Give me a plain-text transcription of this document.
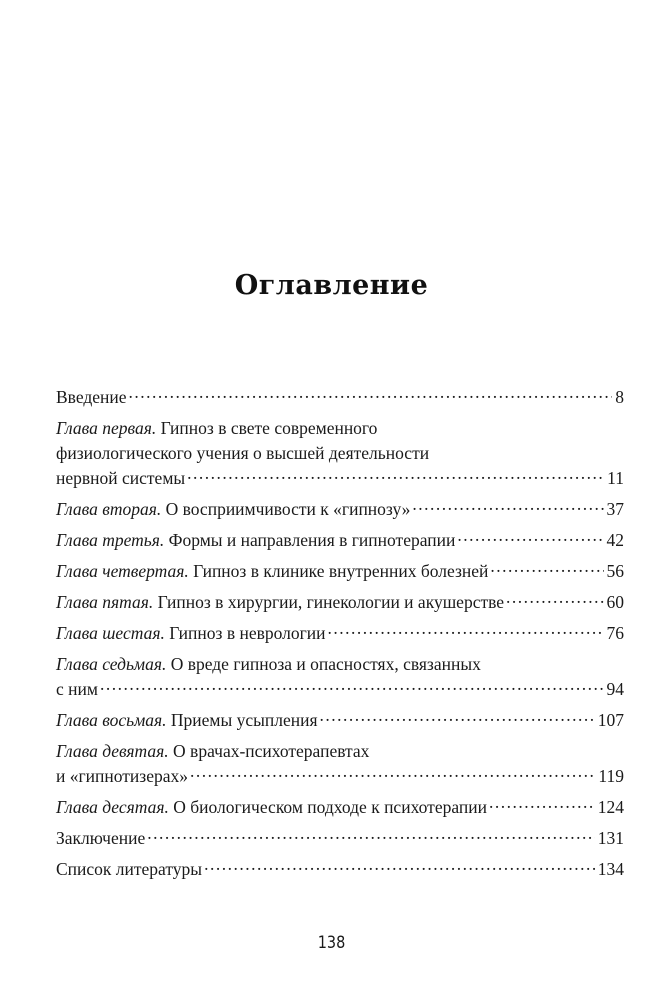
Оглавление
Введение .....	8
Глава первая. Гипноз в свете современного
физиологического учения о высшей деятельности
нервной системы .....	11
Глава вторая. О восприимчивости к «гипнозу» .....	37
Глава третья. Формы и направления в гипнотерапии .....	42
Глава четвертая. Гипноз в клинике внутренних болезней .....	56
Глава пятая. Гипноз в хирургии, гинекологии и акушерстве .....	60
Глава шестая. Гипноз в неврологии .....	76
Глава седьмая. О вреде гипноза и опасностях, связанных
с ним .....	94
Глава восьмая. Приемы усыпления .....	107
Глава девятая. О врачах-психотерапевтах
и «гипнотизерах» .....	119
Глава десятая. О биологическом подходе к психотерапии .....	124
Заключение .....	131
Список литературы .....	134
138
